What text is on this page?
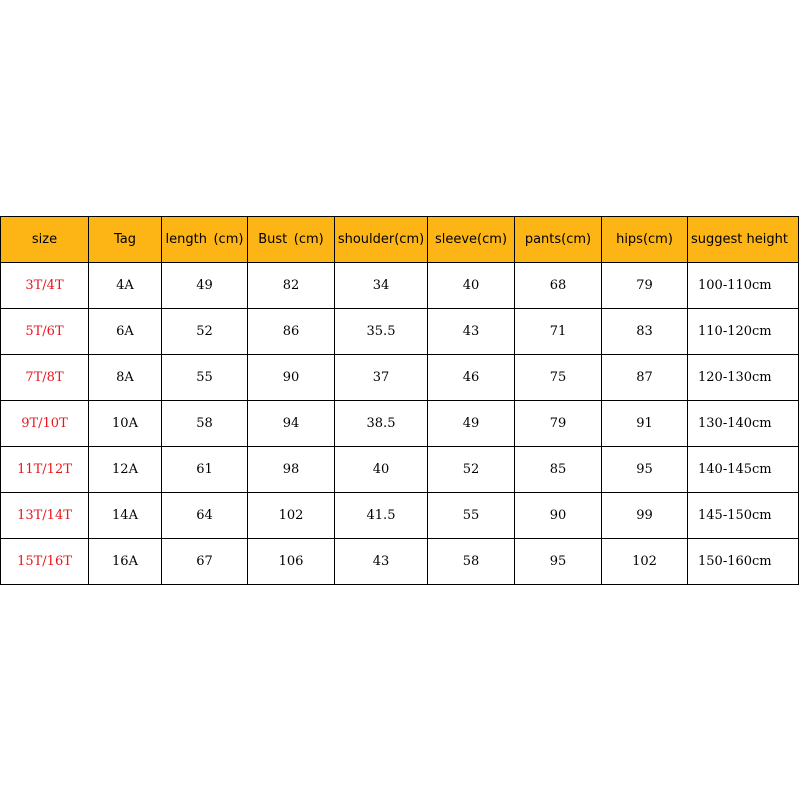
size	Tag	length (cm)	Bust (cm)	shoulder(cm)	sleeve(cm)	pants(cm)	hips(cm)	suggest height
3T/4T	4A	49	82	34	40	68	79	100-110cm
5T/6T	6A	52	86	35.5	43	71	83	110-120cm
7T/8T	8A	55	90	37	46	75	87	120-130cm
9T/10T	10A	58	94	38.5	49	79	91	130-140cm
11T/12T	12A	61	98	40	52	85	95	140-145cm
13T/14T	14A	64	102	41.5	55	90	99	145-150cm
15T/16T	16A	67	106	43	58	95	102	150-160cm
